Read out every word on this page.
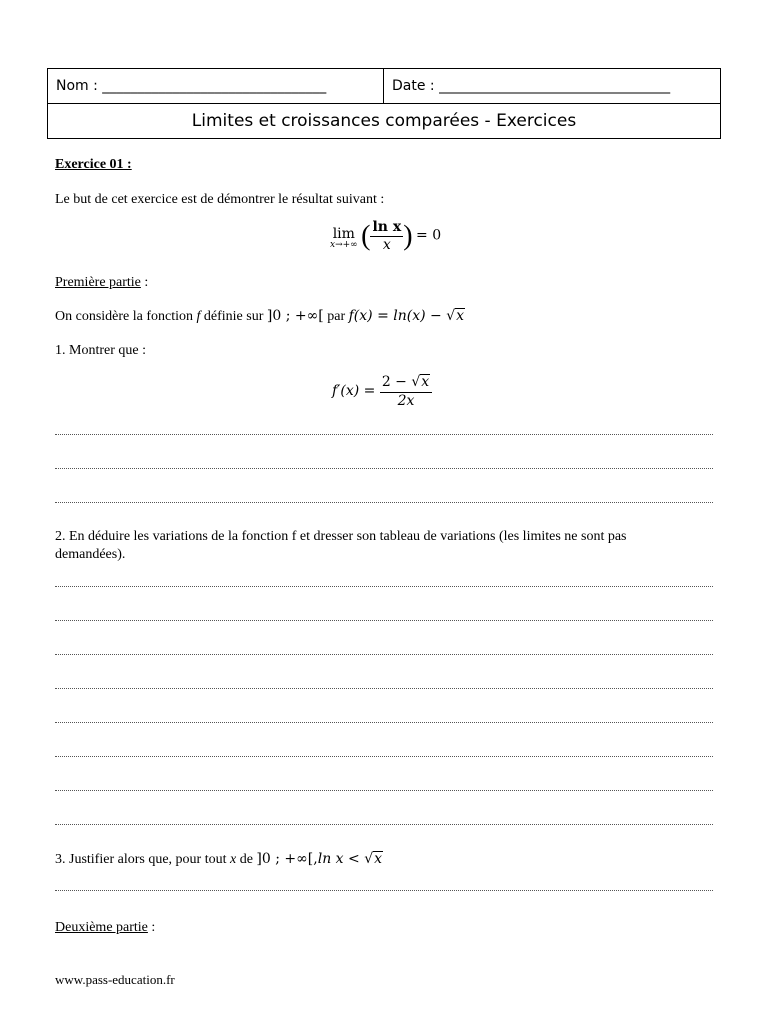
Nom : ________________________________	Date : _________________________________
Limites et croissances comparées - Exercices
Exercice 01 :
Le but de cet exercice est de démontrer le résultat suivant :
lim
x→+∞ ( $\frac{\text{ln x}}{x}$ ) = 0
Première partie :
On considère la fonction f définie sur ]0 ; +∞[ par f(x) = ln(x) − √x
1. Montrer que :
$f'(x) = \frac{2 - √x}{2x}$
2. En déduire les variations de la fonction f et dresser son tableau de variations (les limites ne sont pas
demandées).
3. Justifier alors que, pour tout x de ]0 ; +∞[,ln x < √x
Deuxième partie :
www.pass-education.fr
